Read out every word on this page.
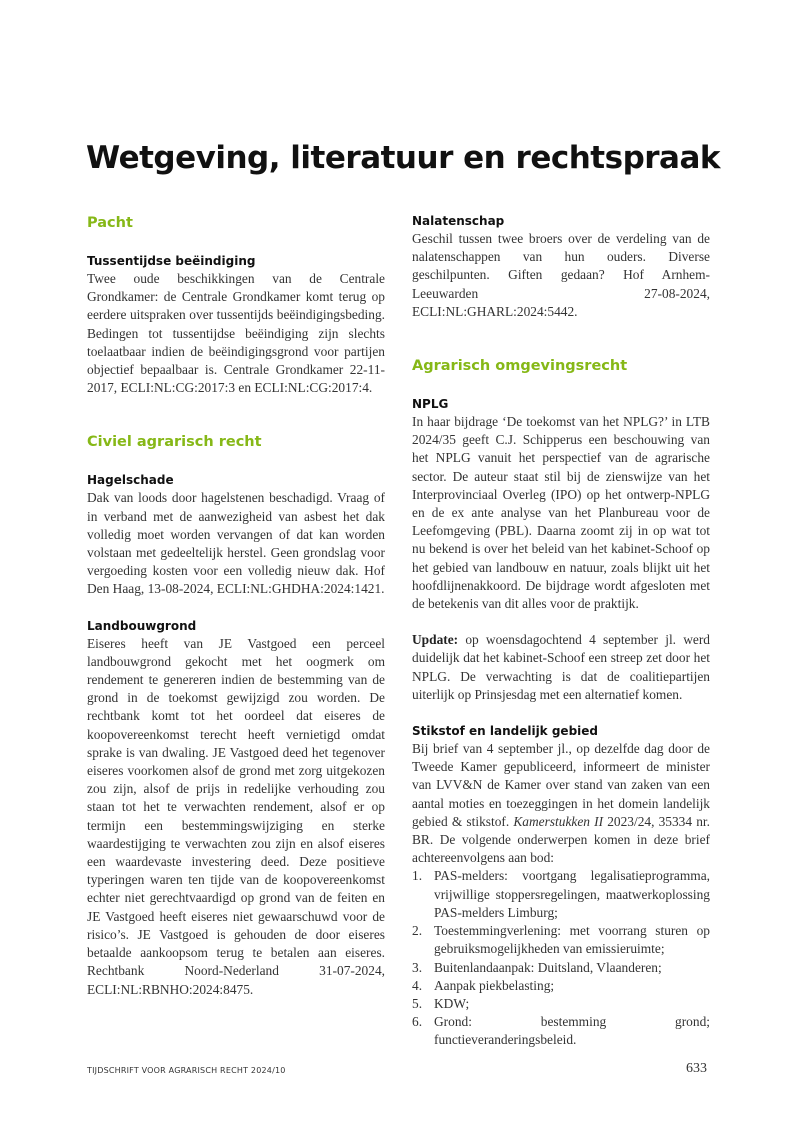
Wetgeving, literatuur en rechtspraak
Pacht
Tussentijdse beëindiging

Twee oude beschikkingen van de Centrale Grondkamer: de Centrale Grondkamer komt terug op eerdere uitspraken over tussentijds beëindigingsbeding. Bedingen tot tussentijdse beëindiging zijn slechts toelaatbaar indien de beëindigingsgrond voor partijen objectief bepaalbaar is. Centrale Grondkamer 22-11-2017, ECLI:NL:CG:2017:3 en ECLI:NL:CG:2017:4.

Civiel agrarisch recht
Hagelschade

Dak van loods door hagelstenen beschadigd. Vraag of in verband met de aanwezigheid van asbest het dak volledig moet worden vervangen of dat kan worden volstaan met gedeeltelijk herstel. Geen grondslag voor vergoeding kosten voor een volledig nieuw dak. Hof Den Haag, 13-08-2024, ECLI:NL:GHDHA:2024:1421.

Landbouwgrond

Eiseres heeft van JE Vastgoed een perceel landbouwgrond gekocht met het oogmerk om rendement te genereren indien de bestemming van de grond in de toekomst gewijzigd zou worden. De rechtbank komt tot het oordeel dat eiseres de koopovereenkomst terecht heeft vernietigd omdat sprake is van dwaling. JE Vastgoed deed het tegenover eiseres voorkomen alsof de grond met zorg uitgekozen zou zijn, alsof de prijs in redelijke verhouding zou staan tot het te verwachten rendement, alsof er op termijn een bestemmingswijziging en sterke waardestijging te verwachten zou zijn en alsof eiseres een waardevaste investering deed. Deze positieve typeringen waren ten tijde van de koopovereenkomst echter niet gerechtvaardigd op grond van de feiten en JE Vastgoed heeft eiseres niet gewaarschuwd voor de risico’s. JE Vastgoed is gehouden de door eiseres betaalde aankoopsom terug te betalen aan eiseres. Rechtbank Noord-Nederland 31-07-2024, ECLI:NL:RBNHO:2024:8475.

Nalatenschap

Geschil tussen twee broers over de verdeling van de nalatenschappen van hun ouders. Diverse geschilpunten. Giften gedaan? Hof Arnhem-Leeuwarden 27-08-2024, ECLI:NL:GHARL:2024:5442.

Agrarisch omgevingsrecht
NPLG

In haar bijdrage ‘De toekomst van het NPLG?’ in LTB 2024/35 geeft C.J. Schipperus een beschouwing van het NPLG vanuit het perspectief van de agrarische sector. De auteur staat stil bij de zienswijze van het Interprovinciaal Overleg (IPO) op het ontwerp-NPLG en de ex ante analyse van het Planbureau voor de Leefomgeving (PBL). Daarna zoomt zij in op wat tot nu bekend is over het beleid van het kabinet-Schoof op het gebied van landbouw en natuur, zoals blijkt uit het hoofdlijnenakkoord. De bijdrage wordt afgesloten met de betekenis van dit alles voor de praktijk.

Update: op woensdagochtend 4 september jl. werd duidelijk dat het kabinet-Schoof een streep zet door het NPLG. De verwachting is dat de coalitiepartijen uiterlijk op Prinsjesdag met een alternatief komen.

Stikstof en landelijk gebied

Bij brief van 4 september jl., op dezelfde dag door de Tweede Kamer gepubliceerd, informeert de minister van LVV&N de Kamer over stand van zaken van een aantal moties en toezeggingen in het domein landelijk gebied & stikstof. Kamerstukken II 2023/24, 35334 nr. BR. De volgende onderwerpen komen in deze brief achtereenvolgens aan bod:

1. PAS-melders: voortgang legalisatieprogramma, vrijwillige stoppersregelingen, maatwerkoplossing PAS-melders Limburg;
2. Toestemmingverlening: met voorrang sturen op gebruiksmogelijkheden van emissieruimte;
3. Buitenlandaanpak: Duitsland, Vlaanderen;
4. Aanpak piekbelasting;
5. KDW;
6. Grond: bestemming grond; functieveranderingsbeleid.
TIJDSCHRIFT VOOR AGRARISCH RECHT 2024/10	633
